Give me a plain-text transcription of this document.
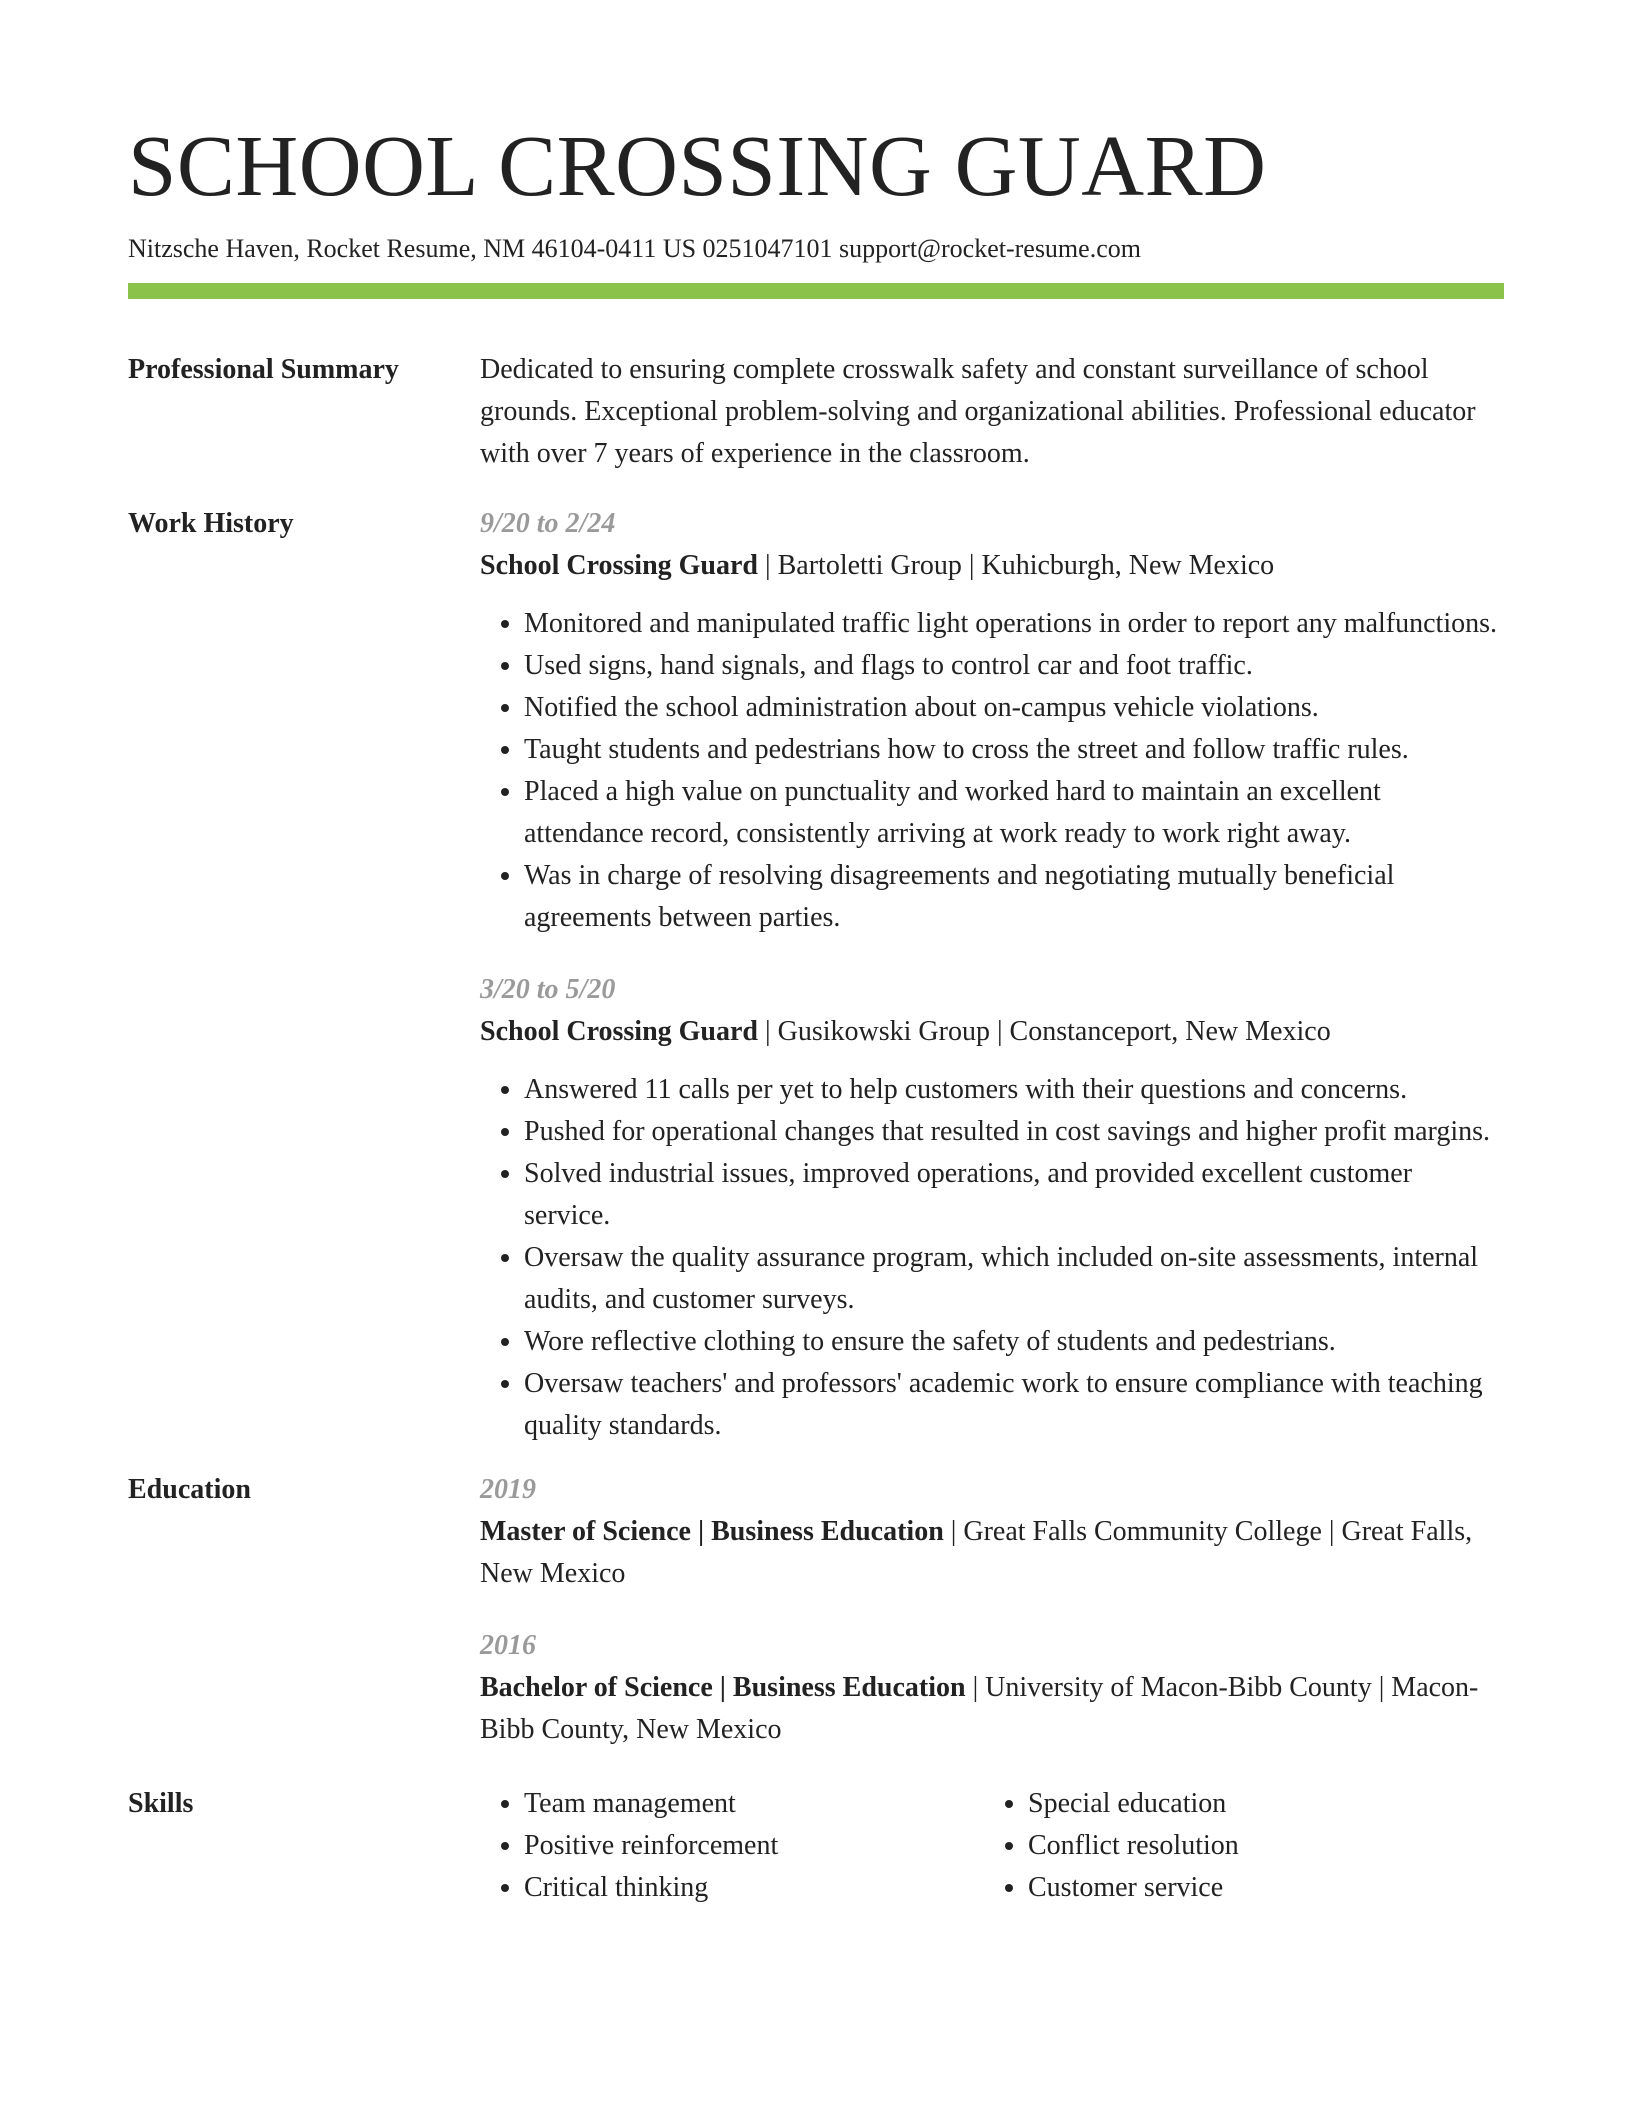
SCHOOL CROSSING GUARD
Nitzsche Haven, Rocket Resume, NM 46104-0411 US 0251047101 support@rocket-resume.com
Professional Summary	Dedicated to ensuring complete crosswalk safety and constant surveillance of school grounds. Exceptional problem-solving and organizational abilities. Professional educator with over 7 years of experience in the classroom.

Work History	9/20 to 2/24
School Crossing Guard | Bartoletti Group | Kuhicburgh, New Mexico
• Monitored and manipulated traffic light operations in order to report any malfunctions.
• Used signs, hand signals, and flags to control car and foot traffic.
• Notified the school administration about on-campus vehicle violations.
• Taught students and pedestrians how to cross the street and follow traffic rules.
• Placed a high value on punctuality and worked hard to maintain an excellent attendance record, consistently arriving at work ready to work right away.
• Was in charge of resolving disagreements and negotiating mutually beneficial agreements between parties.
3/20 to 5/20
School Crossing Guard | Gusikowski Group | Constanceport, New Mexico
• Answered 11 calls per yet to help customers with their questions and concerns.
• Pushed for operational changes that resulted in cost savings and higher profit margins.
• Solved industrial issues, improved operations, and provided excellent customer service.
• Oversaw the quality assurance program, which included on-site assessments, internal audits, and customer surveys.
• Wore reflective clothing to ensure the safety of students and pedestrians.
• Oversaw teachers' and professors' academic work to ensure compliance with teaching quality standards.
Education	2019
Master of Science | Business Education | Great Falls Community College | Great Falls, New Mexico
2016
Bachelor of Science | Business Education | University of Macon-Bibb County | Macon-Bibb County, New Mexico
Skills
•	Team management
• Positive reinforcement
• Critical thinking
• Special education
• Conflict resolution
• Customer service
